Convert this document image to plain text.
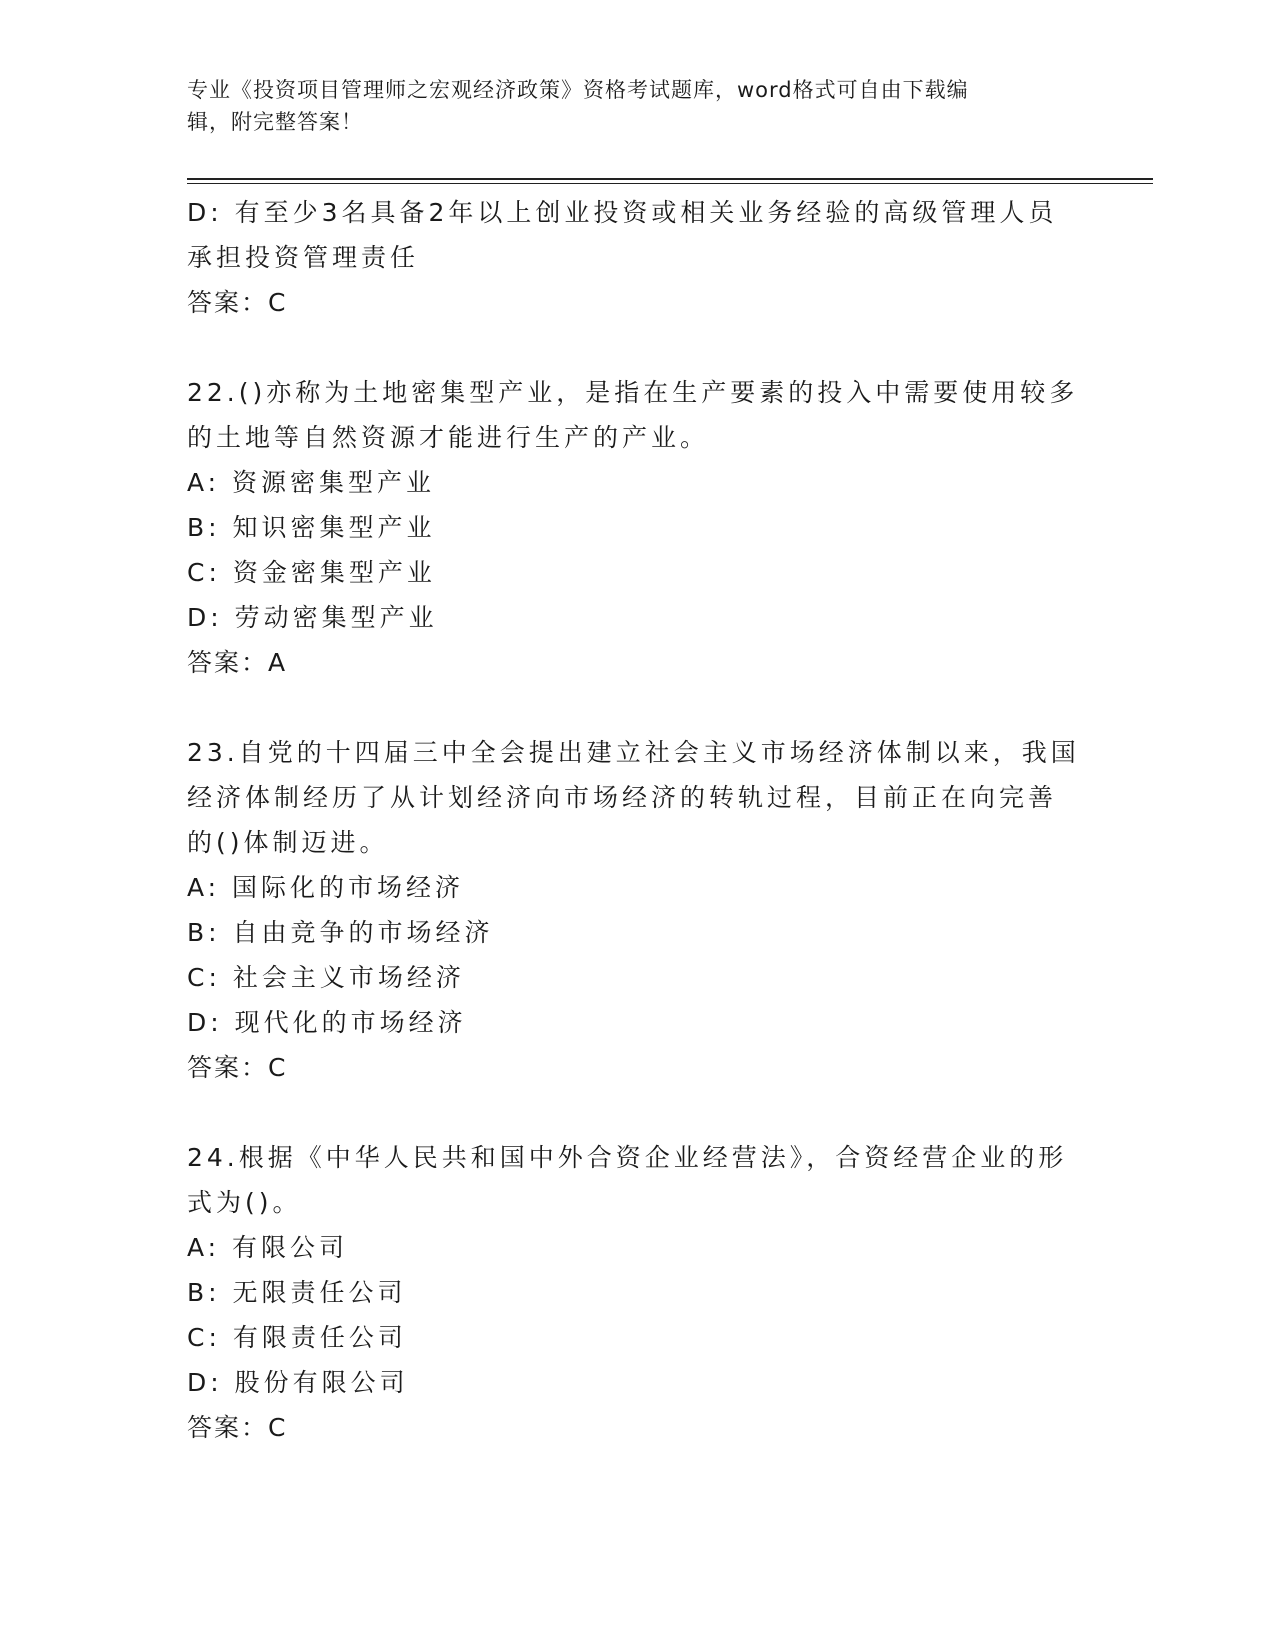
专业《投资项目管理师之宏观经济政策》资格考试题库，word格式可自由下载编
辑，附完整答案！
D: 有至少3名具备2年以上创业投资或相关业务经验的高级管理人员
承担投资管理责任
答案：C
22.()亦称为土地密集型产业，是指在生产要素的投入中需要使用较多
的土地等自然资源才能进行生产的产业。
A: 资源密集型产业
B: 知识密集型产业
C: 资金密集型产业
D: 劳动密集型产业
答案：A
23.自党的十四届三中全会提出建立社会主义市场经济体制以来，我国
经济体制经历了从计划经济向市场经济的转轨过程，目前正在向完善
的()体制迈进。
A: 国际化的市场经济
B: 自由竞争的市场经济
C: 社会主义市场经济
D: 现代化的市场经济
答案：C
24.根据《中华人民共和国中外合资企业经营法》，合资经营企业的形
式为()。
A: 有限公司
B: 无限责任公司
C: 有限责任公司
D: 股份有限公司
答案：C
